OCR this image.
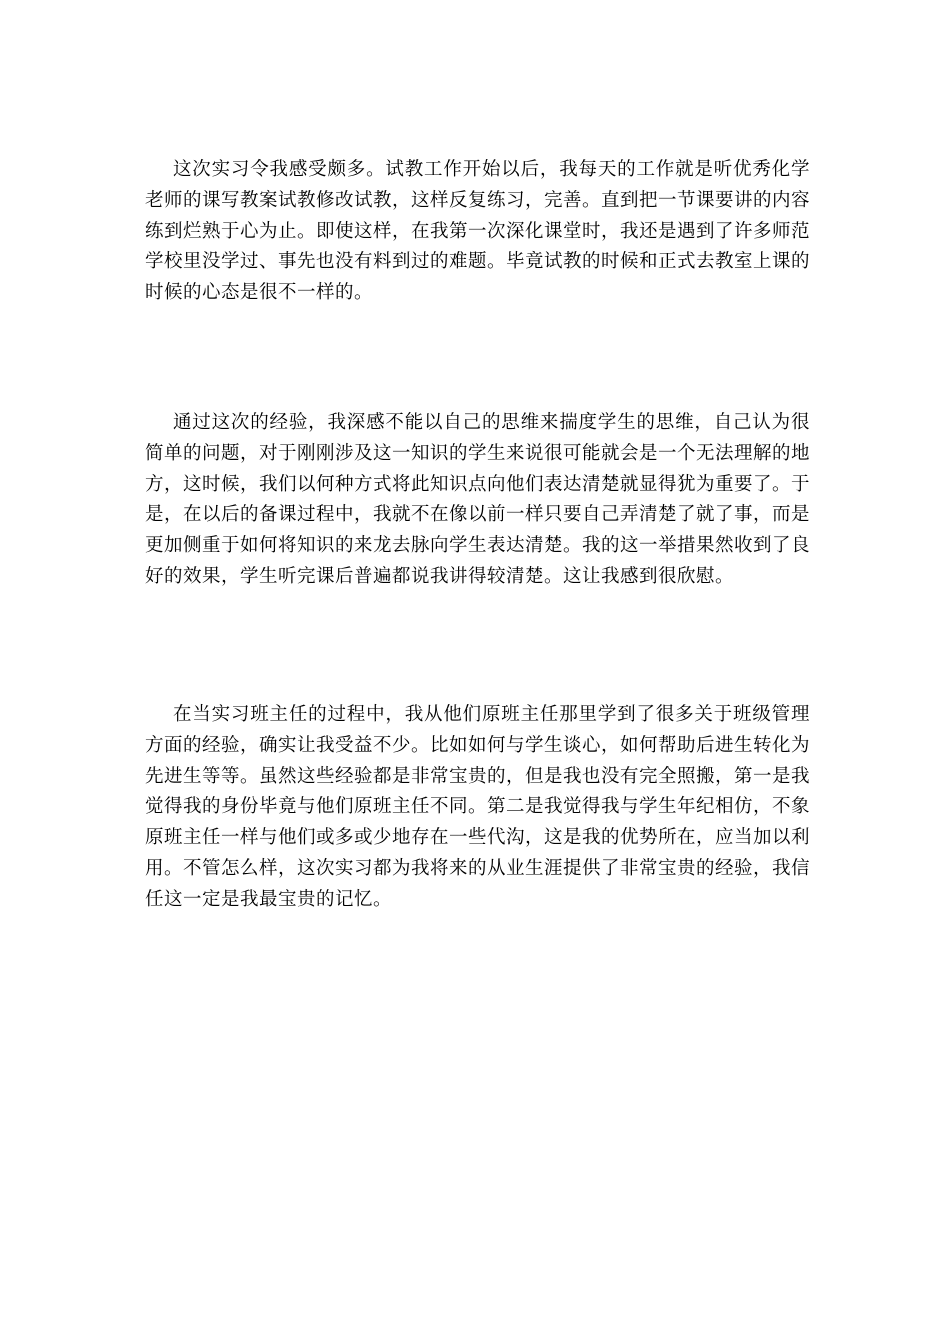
这次实习令我感受颇多。试教工作开始以后，我每天的工作就是听优秀化学老师的课写教案试教修改试教，这样反复练习，完善。直到把一节课要讲的内容练到烂熟于心为止。即使这样，在我第一次深化课堂时，我还是遇到了许多师范学校里没学过、事先也没有料到过的难题。毕竟试教的时候和正式去教室上课的时候的心态是很不一样的。

通过这次的经验，我深感不能以自己的思维来揣度学生的思维，自己认为很简单的问题，对于刚刚涉及这一知识的学生来说很可能就会是一个无法理解的地方，这时候，我们以何种方式将此知识点向他们表达清楚就显得犹为重要了。于是，在以后的备课过程中，我就不在像以前一样只要自己弄清楚了就了事，而是更加侧重于如何将知识的来龙去脉向学生表达清楚。我的这一举措果然收到了良好的效果，学生听完课后普遍都说我讲得较清楚。这让我感到很欣慰。

在当实习班主任的过程中，我从他们原班主任那里学到了很多关于班级管理方面的经验，确实让我受益不少。比如如何与学生谈心，如何帮助后进生转化为先进生等等。虽然这些经验都是非常宝贵的，但是我也没有完全照搬，第一是我觉得我的身份毕竟与他们原班主任不同。第二是我觉得我与学生年纪相仿，不象原班主任一样与他们或多或少地存在一些代沟，这是我的优势所在，应当加以利用。不管怎么样，这次实习都为我将来的从业生涯提供了非常宝贵的经验，我信任这一定是我最宝贵的记忆。
